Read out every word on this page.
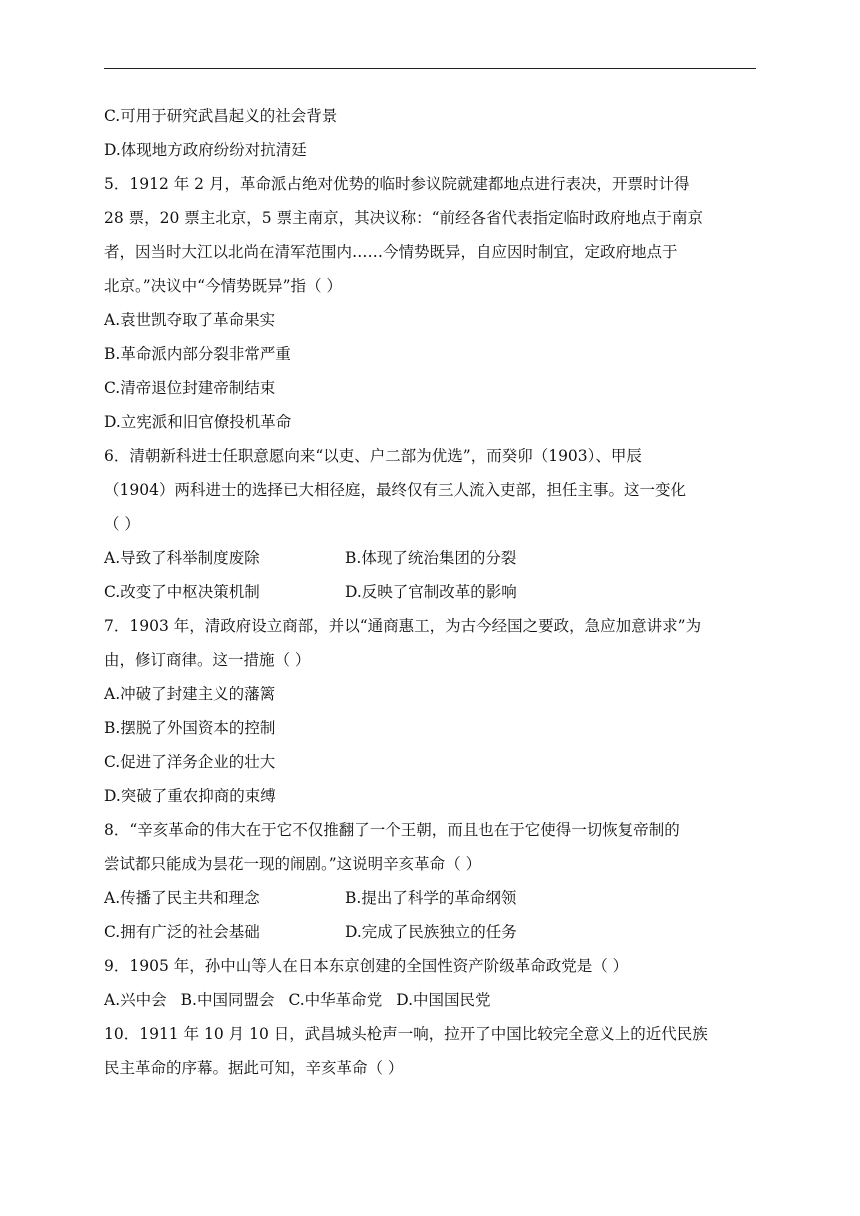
C.可用于研究武昌起义的社会背景
D.体现地方政府纷纷对抗清廷
5．1912 年 2 月，革命派占绝对优势的临时参议院就建都地点进行表决，开票时计得
28 票，20 票主北京，5 票主南京，其决议称：“前经各省代表指定临时政府地点于南京
者，因当时大江以北尚在清军范围内……今情势既异，自应因时制宜，定政府地点于
北京。”决议中“今情势既异”指（ ）
A.袁世凯夺取了革命果实
B.革命派内部分裂非常严重
C.清帝退位封建帝制结束
D.立宪派和旧官僚投机革命
6．清朝新科进士任职意愿向来“以吏、户二部为优选”，而癸卯（1903）、甲辰
（1904）两科进士的选择已大相径庭，最终仅有三人流入吏部，担任主事。这一变化
（ ）
A.导致了科举制度废除	B.体现了统治集团的分裂
C.改变了中枢决策机制	D.反映了官制改革的影响
7．1903 年，清政府设立商部，并以“通商惠工，为古今经国之要政，急应加意讲求”为
由，修订商律。这一措施（ ）
A.冲破了封建主义的藩篱
B.摆脱了外国资本的控制
C.促进了洋务企业的壮大
D.突破了重农抑商的束缚
8．“辛亥革命的伟大在于它不仅推翻了一个王朝，而且也在于它使得一切恢复帝制的
尝试都只能成为昙花一现的闹剧。”这说明辛亥革命（ ）
A.传播了民主共和理念	B.提出了科学的革命纲领
C.拥有广泛的社会基础	D.完成了民族独立的任务
9．1905 年，孙中山等人在日本东京创建的全国性资产阶级革命政党是（ ）
A.兴中会 B.中国同盟会 C.中华革命党 D.中国国民党
10．1911 年 10 月 10 日，武昌城头枪声一响，拉开了中国比较完全意义上的近代民族
民主革命的序幕。据此可知，辛亥革命（ ）
